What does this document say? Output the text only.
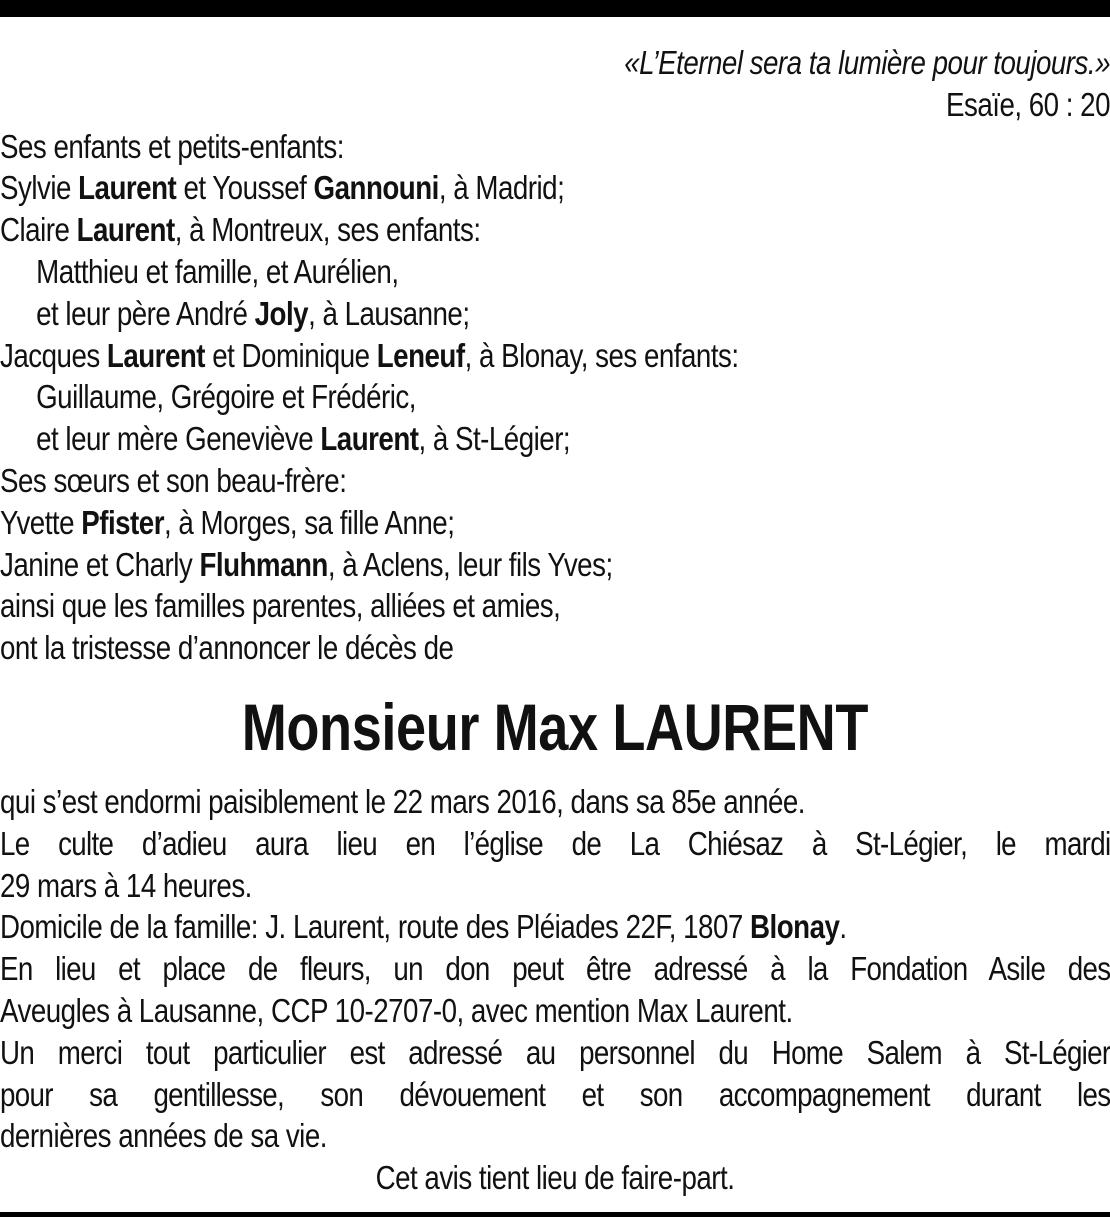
«L’Eternel sera ta lumière pour toujours.»
Esaïe, 60 : 20
Ses enfants et petits-enfants:
Sylvie Laurent et Youssef Gannouni, à Madrid;
Claire Laurent, à Montreux, ses enfants:
Matthieu et famille, et Aurélien,
et leur père André Joly, à Lausanne;
Jacques Laurent et Dominique Leneuf, à Blonay, ses enfants:
Guillaume, Grégoire et Frédéric,
et leur mère Geneviève Laurent, à St-Légier;
Ses sœurs et son beau-frère:
Yvette Pfister, à Morges, sa fille Anne;
Janine et Charly Fluhmann, à Aclens, leur fils Yves;
ainsi que les familles parentes, alliées et amies,
ont la tristesse d’annoncer le décès de
Monsieur Max LAURENT
qui s’est endormi paisiblement le 22 mars 2016, dans sa 85e année.
Le culte d’adieu aura lieu en l’église de La Chiésaz à St-Légier, le mardi
29 mars à 14 heures.
Domicile de la famille: J. Laurent, route des Pléiades 22F, 1807 Blonay.
En lieu et place de fleurs, un don peut être adressé à la Fondation Asile des
Aveugles à Lausanne, CCP 10-2707-0, avec mention Max Laurent.
Un merci tout particulier est adressé au personnel du Home Salem à St-Légier
pour sa gentillesse, son dévouement et son accompagnement durant les
dernières années de sa vie.
Cet avis tient lieu de faire-part.
